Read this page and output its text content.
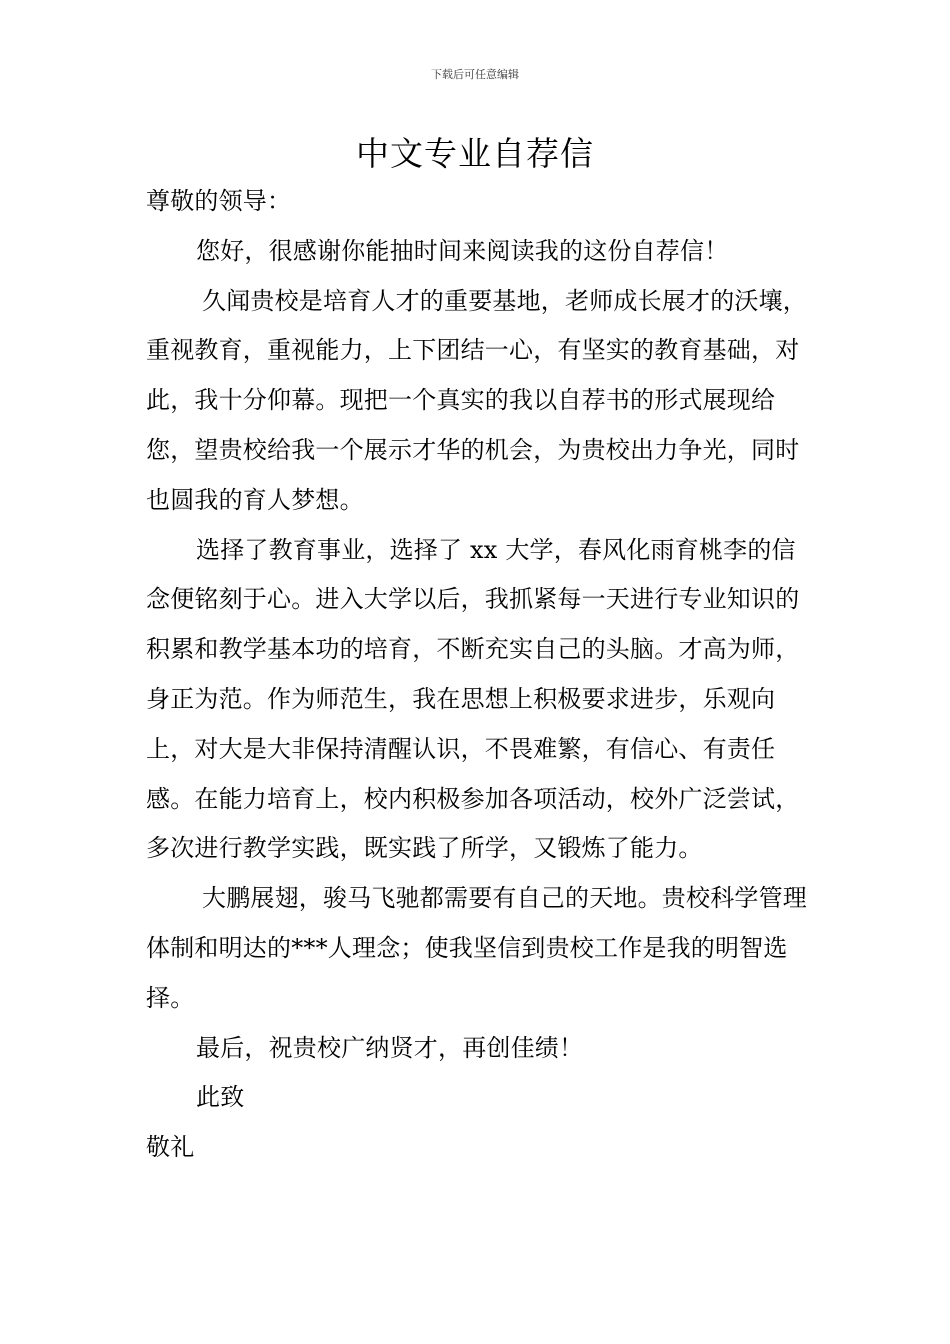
下载后可任意编辑
中文专业自荐信

尊敬的领导：

您好，很感谢你能抽时间来阅读我的这份自荐信！

久闻贵校是培育人才的重要基地，老师成长展才的沃壤，重视教育，重视能力，上下团结一心，有坚实的教育基础，对此，我十分仰幕。现把一个真实的我以自荐书的形式展现给您，望贵校给我一个展示才华的机会，为贵校出力争光，同时也圆我的育人梦想。

选择了教育事业，选择了 xx 大学，春风化雨育桃李的信念便铭刻于心。进入大学以后，我抓紧每一天进行专业知识的积累和教学基本功的培育，不断充实自己的头脑。才高为师，身正为范。作为师范生，我在思想上积极要求进步，乐观向上，对大是大非保持清醒认识，不畏难繁，有信心、有责任感。在能力培育上，校内积极参加各项活动，校外广泛尝试，多次进行教学实践，既实践了所学，又锻炼了能力。

大鹏展翅，骏马飞驰都需要有自己的天地。贵校科学管理体制和明达的***人理念；使我坚信到贵校工作是我的明智选择。

最后，祝贵校广纳贤才，再创佳绩！

此致

敬礼
